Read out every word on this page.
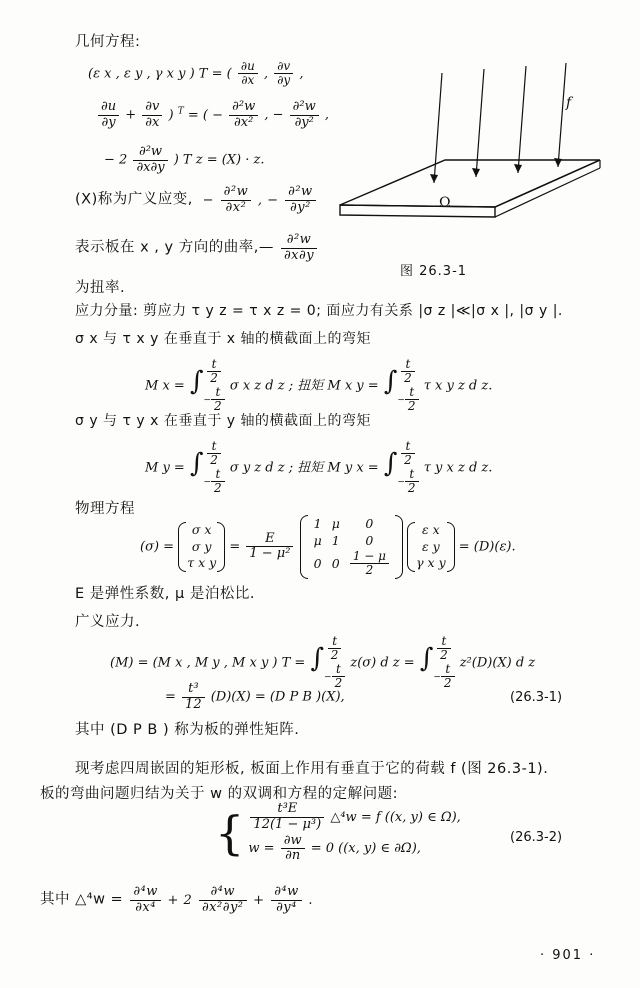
几何方程:
(ε x , ε y , γ x y ) T = ( $\frac{\partial u}{\partial x}$ , $\frac{\partial v}{\partial y}$ ,
$\frac{\partial u}{\partial y} + \frac{\partial v}{\partial x}$ ) $^T$ = ( − $\frac{\text{∂²w}}{\text{∂x²}}$ , − $\frac{\text{∂²w}}{\text{∂y²}}$ ,
− $2 \frac{\text{∂²w}}{\partial x\partial y}$ ) T z = (X) · z.
(X)称为广义应变,  − $\frac{\text{∂²w}}{\text{∂x²}}$ , − $\frac{\text{∂²w}}{\text{∂y²}}$
表示板在 x , y 方向的曲率,— $\frac{\text{∂²w}}{\partial x\partial y}$
为扭率.
Ω
f
图 26.3-1
应力分量: 剪应力 τ y z = τ x z = 0; 面应力有关系 |σ z |≪|σ x |, |σ y |.
σ x 与 τ x y 在垂直于 x 轴的横截面上的弯矩
M x = ∫ $\frac{t}{2}$
− $\frac{t}{2}$ σ x z d z ; 扭矩 M x y = ∫ $\frac{t}{2}$
− $\frac{t}{2}$ τ x y z d z.
σ y 与 τ y x 在垂直于 y 轴的横截面上的弯矩
M y = ∫ $\frac{t}{2}$
− $\frac{t}{2}$ σ y z d z ; 扭矩 M y x = ∫ $\frac{t}{2}$
− $\frac{t}{2}$ τ y x z d z.
物理方程
(σ) = σ x
σ y
τ x $y = \frac{E}{\text{1 − μ²}}$

1	μ	0
μ	1	0
0	0	$\frac{1 - \mu}{2}$
ε x
ε y
γ x y = (D)(ε).
E 是弹性系数, μ 是泊松比.
广义应力.
(M) = (M x , M y , M x y ) T = ∫ $\frac{t}{2}$
− $\frac{t}{2} z(\sigma)$ d z = ∫ $\frac{t}{2}$
− $\frac{t}{2} z^2(D)(X)$ d z
= $\frac{\text{t³}}{12} (D)(X) = (D$ P B )(X),	(26.3-1)
其中 (D P B ) 称为板的弹性矩阵.
现考虑四周嵌固的矩形板, 板面上作用有垂直于它的荷载 f (图 26.3-1).
板的弯曲问题归结为关于 w 的双调和方程的定解问题:
{ $\frac{\text{t³E}}{\text{12(1 − μ³)}}$ △⁴w = f ((x, y) ∈ Ω),
$w = \frac{\partial w}{\partial n} = 0$ ((x, y) ∈ ∂Ω),
(26.3-2)
其中 △⁴w = $\frac{\text{∂⁴w}}{\text{∂x⁴}} + 2 \frac{\text{∂⁴w}}{\text{∂x²∂y²}} + \frac{\text{∂⁴w}}{\text{∂y⁴}}$ .
· 901 ·
